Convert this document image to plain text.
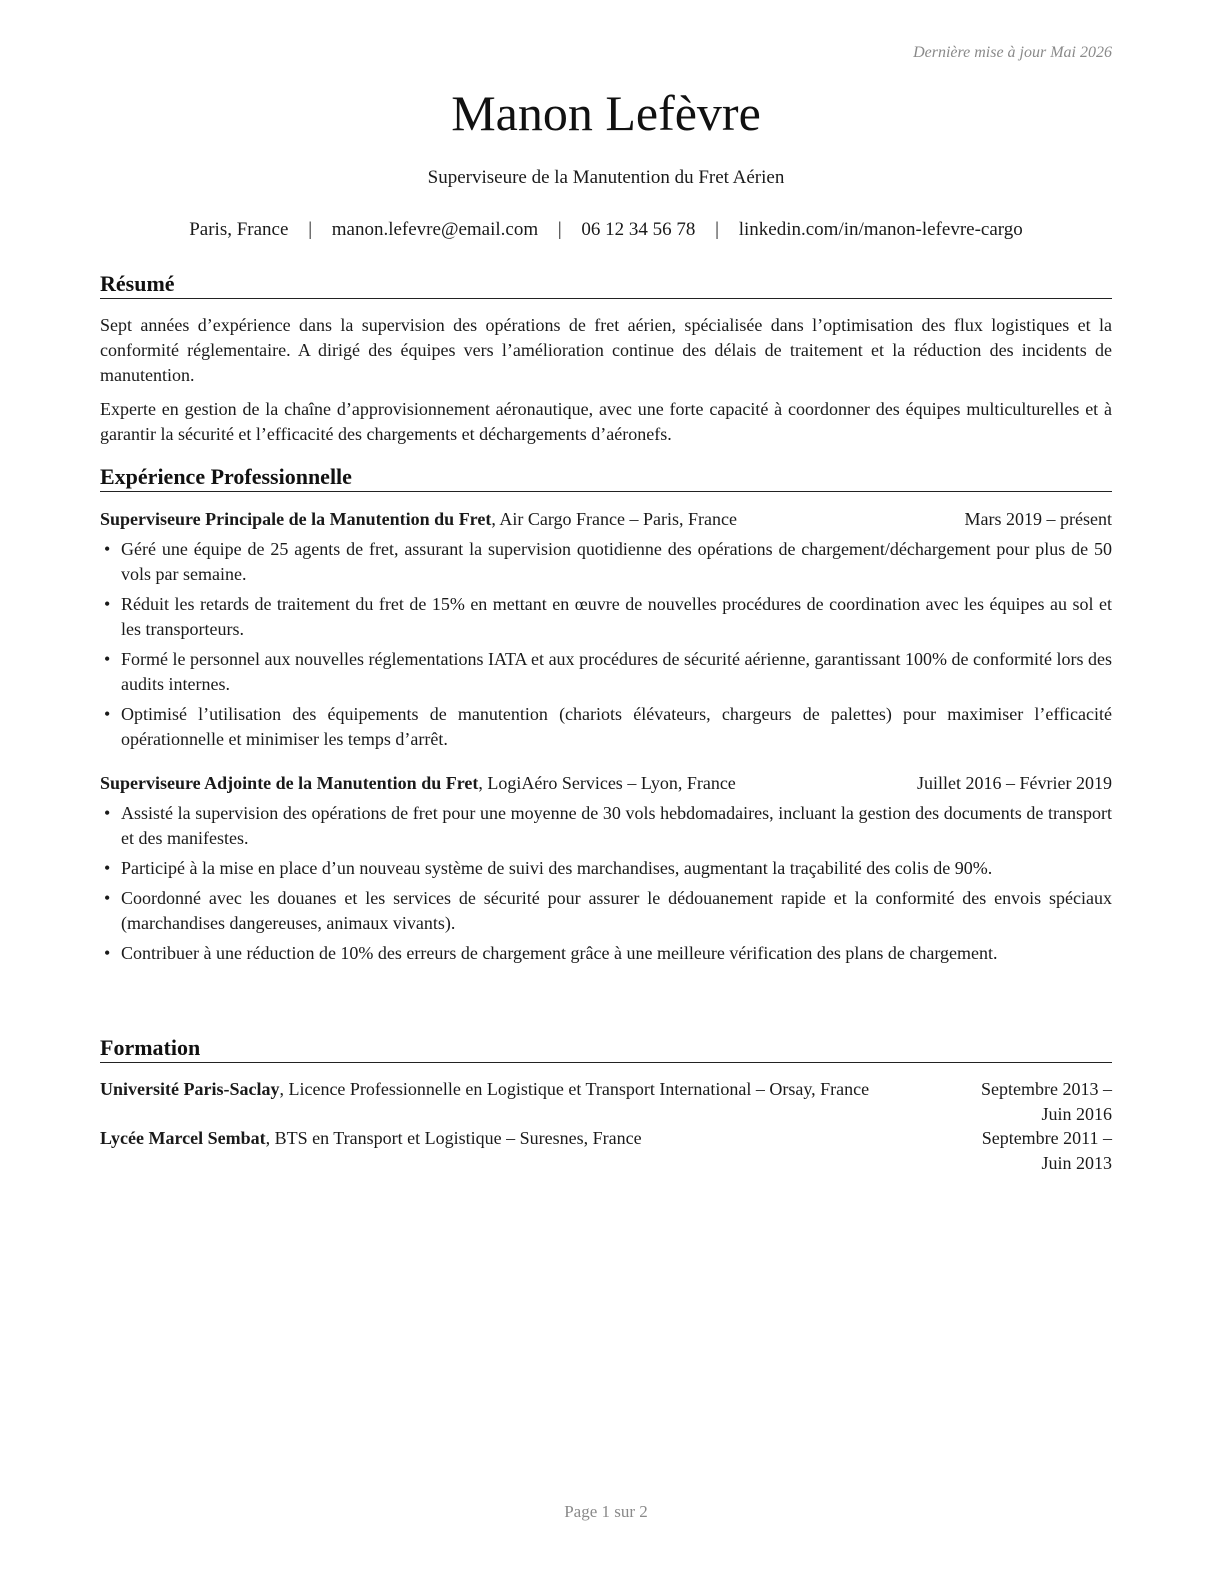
Dernière mise à jour Mai 2026
Manon Lefèvre
Superviseure de la Manutention du Fret Aérien
Paris, France | manon.lefevre@email.com | 06 12 34 56 78 | linkedin.com/in/manon-lefevre-cargo
Résumé

Sept années d’expérience dans la supervision des opérations de fret aérien, spécialisée dans l’optimisation des flux logistiques et la conformité réglementaire. A dirigé des équipes vers l’amélioration continue des délais de traitement et la réduction des incidents de manutention.

Experte en gestion de la chaîne d’approvisionnement aéronautique, avec une forte capacité à coordonner des équipes multiculturelles et à garantir la sécurité et l’efficacité des chargements et déchargements d’aéronefs.

Expérience Professionnelle
Superviseure Principale de la Manutention du Fret, Air Cargo France – Paris, France	Mars 2019 – présent
• Géré une équipe de 25 agents de fret, assurant la supervision quotidienne des opérations de chargement/déchargement pour plus de 50 vols par semaine.
• Réduit les retards de traitement du fret de 15% en mettant en œuvre de nouvelles procédures de coordination avec les équipes au sol et les transporteurs.
• Formé le personnel aux nouvelles réglementations IATA et aux procédures de sécurité aérienne, garantissant 100% de conformité lors des audits internes.
• Optimisé l’utilisation des équipements de manutention (chariots élévateurs, chargeurs de palettes) pour maximiser l’efficacité opérationnelle et minimiser les temps d’arrêt.
Superviseure Adjointe de la Manutention du Fret, LogiAéro Services – Lyon, France	Juillet 2016 – Février 2019
• Assisté la supervision des opérations de fret pour une moyenne de 30 vols hebdomadaires, incluant la gestion des documents de transport et des manifestes.
• Participé à la mise en place d’un nouveau système de suivi des marchandises, augmentant la traçabilité des colis de 90%.
• Coordonné avec les douanes et les services de sécurité pour assurer le dédouanement rapide et la conformité des envois spéciaux (marchandises dangereuses, animaux vivants).
• Contribuer à une réduction de 10% des erreurs de chargement grâce à une meilleure vérification des plans de chargement.
Formation
Université Paris-Saclay, Licence Professionnelle en Logistique et Transport International – Orsay, France	Septembre 2013 – Juin 2016
Lycée Marcel Sembat, BTS en Transport et Logistique – Suresnes, France	Septembre 2011 – Juin 2013
Page 1 sur 2
